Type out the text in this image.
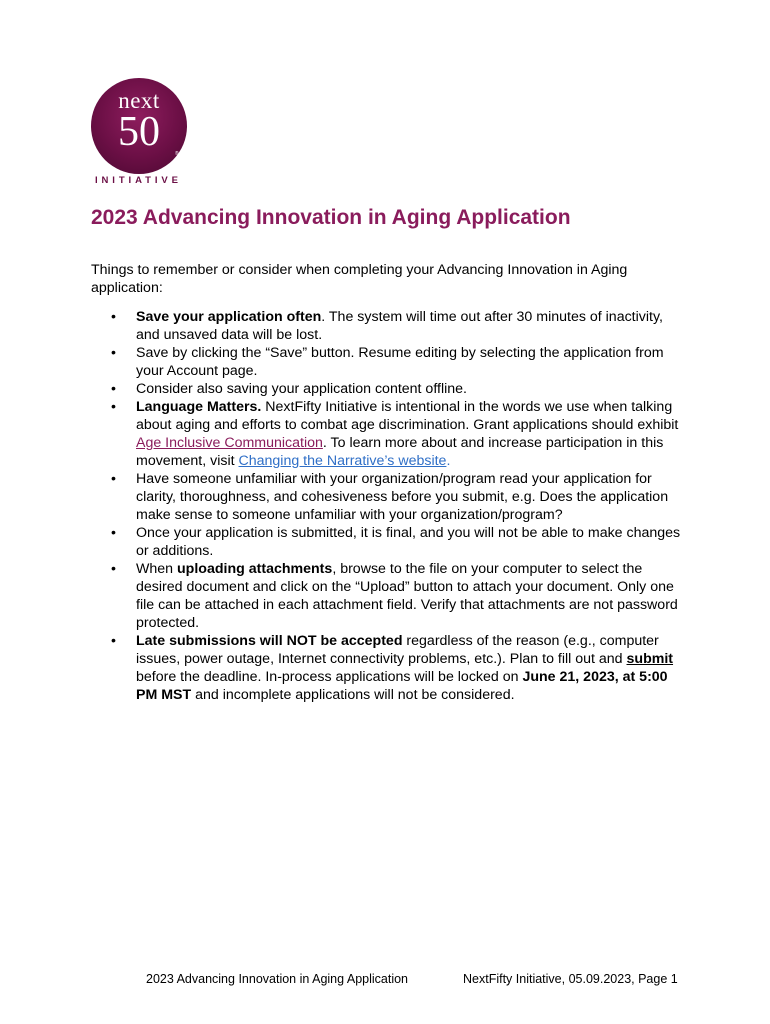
next
50	®
INITIATIVE
2023 Advancing Innovation in Aging Application

Things to remember or consider when completing your Advancing Innovation in Aging application:

• Save your application often. The system will time out after 30 minutes of inactivity, and unsaved data will be lost.
• Save by clicking the “Save” button. Resume editing by selecting the application from your Account page.
• Consider also saving your application content offline.
• Language Matters. NextFifty Initiative is intentional in the words we use when talking about aging and efforts to combat age discrimination. Grant applications should exhibit Age Inclusive Communication. To learn more about and increase participation in this movement, visit Changing the Narrative’s website.
• Have someone unfamiliar with your organization/program read your application for clarity, thoroughness, and cohesiveness before you submit, e.g. Does the application make sense to someone unfamiliar with your organization/program?
• Once your application is submitted, it is final, and you will not be able to make changes or additions.
• When uploading attachments, browse to the file on your computer to select the desired document and click on the “Upload” button to attach your document. Only one file can be attached in each attachment field. Verify that attachments are not password protected.
• Late submissions will NOT be accepted regardless of the reason (e.g., computer issues, power outage, Internet connectivity problems, etc.). Plan to fill out and submit before the deadline. In-process applications will be locked on June 21, 2023, at 5:00 PM MST and incomplete applications will not be considered.
2023 Advancing Innovation in Aging Application	NextFifty Initiative, 05.09.2023, Page 1
